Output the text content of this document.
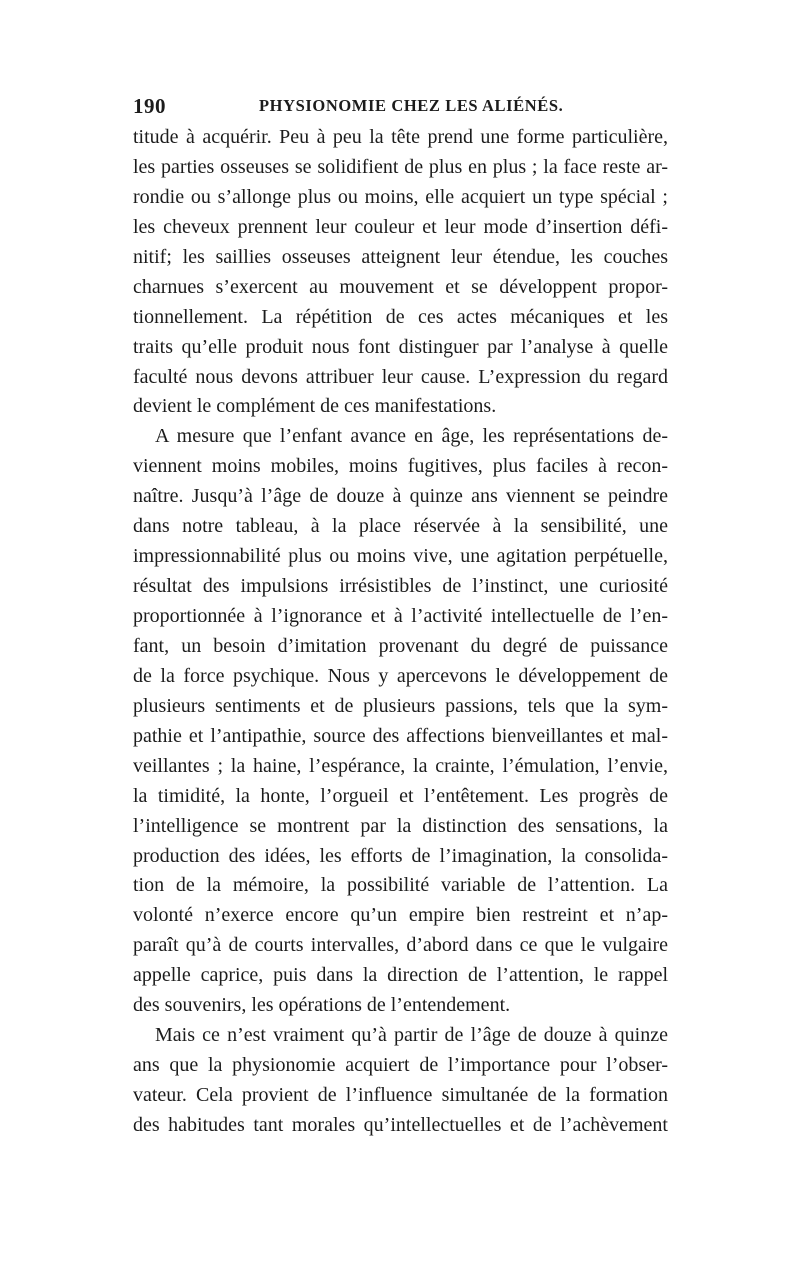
190	PHYSIONOMIE CHEZ LES ALIÉNÉS.
titude à acquérir. Peu à peu la tête prend une forme particulière,
les parties osseuses se solidifient de plus en plus ; la face reste ar-
rondie ou s’allonge plus ou moins, elle acquiert un type spécial ;
les cheveux prennent leur couleur et leur mode d’insertion défi-
nitif; les saillies osseuses atteignent leur étendue, les couches
charnues s’exercent au mouvement et se développent propor-
tionnellement. La répétition de ces actes mécaniques et les
traits qu’elle produit nous font distinguer par l’analyse à quelle
faculté nous devons attribuer leur cause. L’expression du regard
devient le complément de ces manifestations.
A mesure que l’enfant avance en âge, les représentations de-
viennent moins mobiles, moins fugitives, plus faciles à recon-
naître. Jusqu’à l’âge de douze à quinze ans viennent se peindre
dans notre tableau, à la place réservée à la sensibilité, une
impressionnabilité plus ou moins vive, une agitation perpétuelle,
résultat des impulsions irrésistibles de l’instinct, une curiosité
proportionnée à l’ignorance et à l’activité intellectuelle de l’en-
fant, un besoin d’imitation provenant du degré de puissance
de la force psychique. Nous y apercevons le développement de
plusieurs sentiments et de plusieurs passions, tels que la sym-
pathie et l’antipathie, source des affections bienveillantes et mal-
veillantes ; la haine, l’espérance, la crainte, l’émulation, l’envie,
la timidité, la honte, l’orgueil et l’entêtement. Les progrès de
l’intelligence se montrent par la distinction des sensations, la
production des idées, les efforts de l’imagination, la consolida-
tion de la mémoire, la possibilité variable de l’attention. La
volonté n’exerce encore qu’un empire bien restreint et n’ap-
paraît qu’à de courts intervalles, d’abord dans ce que le vulgaire
appelle caprice, puis dans la direction de l’attention, le rappel
des souvenirs, les opérations de l’entendement.
Mais ce n’est vraiment qu’à partir de l’âge de douze à quinze
ans que la physionomie acquiert de l’importance pour l’obser-
vateur. Cela provient de l’influence simultanée de la formation
des habitudes tant morales qu’intellectuelles et de l’achèvement
